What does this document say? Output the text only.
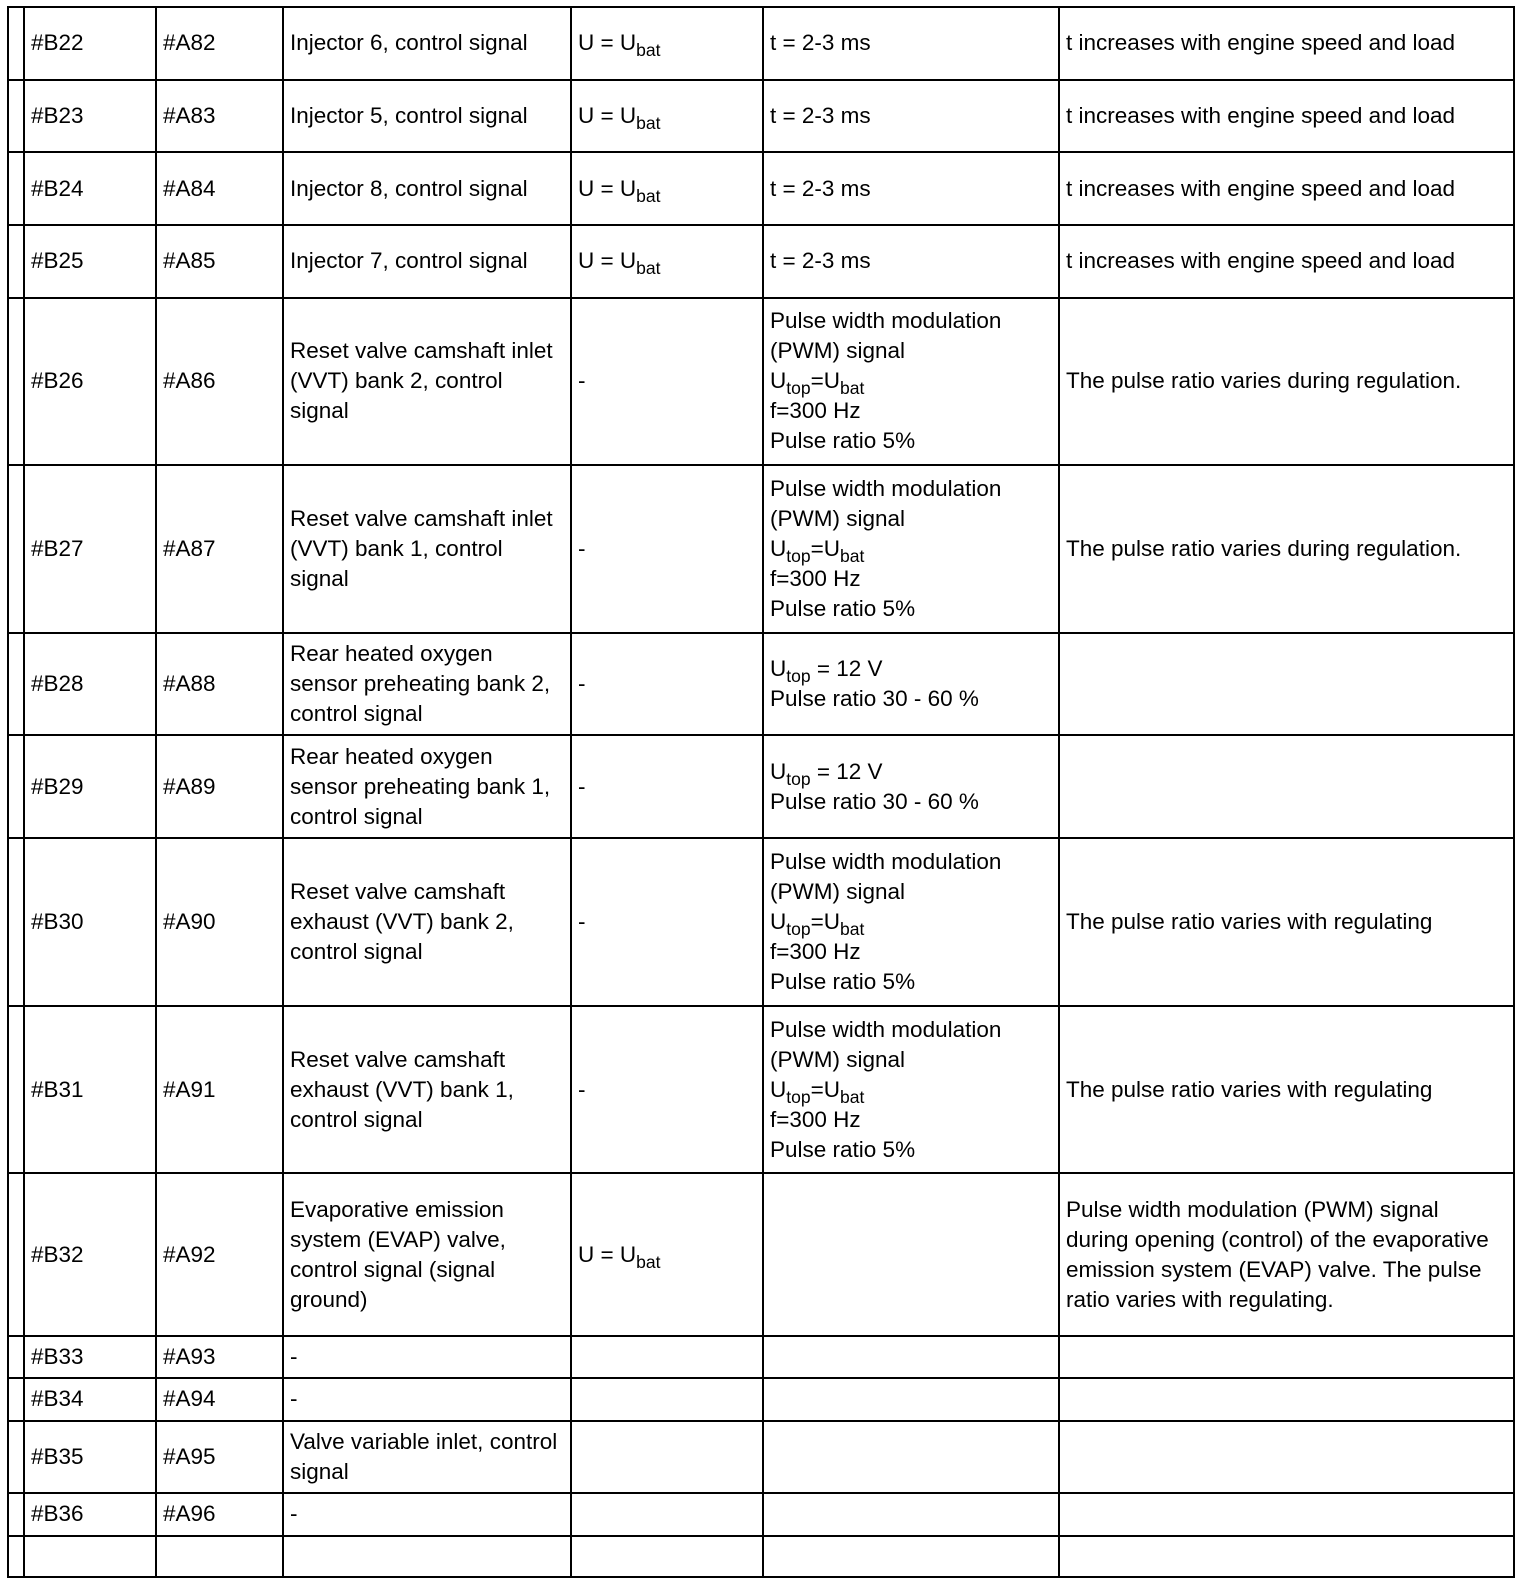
	#B22	#A82	Injector 6, control signal	$U = U_{bat}$	t = 2-3 ms	t increases with engine speed and load
	#B23	#A83	Injector 5, control signal	$U = U_{bat}$	t = 2-3 ms	t increases with engine speed and load
	#B24	#A84	Injector 8, control signal	$U = U_{bat}$	t = 2-3 ms	t increases with engine speed and load
	#B25	#A85	Injector 7, control signal	$U = U_{bat}$	t = 2-3 ms	t increases with engine speed and load
	#B26	#A86	Reset valve camshaft inlet (VVT) bank 2, control signal	-	Pulse width modulation
(PWM) signal
$U_{top}=U_{bat}$
f=300 Hz
Pulse ratio 5%	The pulse ratio varies during regulation.
	#B27	#A87	Reset valve camshaft inlet (VVT) bank 1, control signal	-	Pulse width modulation
(PWM) signal
$U_{top}=U_{bat}$
f=300 Hz
Pulse ratio 5%	The pulse ratio varies during regulation.
	#B28	#A88	Rear heated oxygen sensor preheating bank 2, control signal	-	$U_{top} = 12$ V
Pulse ratio 30 - 60 %	

	#B29	#A89	Rear heated oxygen sensor preheating bank 1, control signal	-	$U_{top} = 12$ V
Pulse ratio 30 - 60 %	

	#B30	#A90	Reset valve camshaft exhaust (VVT) bank 2, control signal	-	Pulse width modulation
(PWM) signal
$U_{top}=U_{bat}$
f=300 Hz
Pulse ratio 5%	The pulse ratio varies with regulating
	#B31	#A91	Reset valve camshaft exhaust (VVT) bank 1, control signal	-	Pulse width modulation
(PWM) signal
$U_{top}=U_{bat}$
f=300 Hz
Pulse ratio 5%	The pulse ratio varies with regulating
	#B32	#A92	Evaporative emission system (EVAP) valve, control signal (signal ground)	$U = U_{bat}$		Pulse width modulation (PWM) signal during opening (control) of the evaporative emission system (EVAP) valve. The pulse ratio varies with regulating.
	#B33	#A93	-			
	#B34	#A94	-			
	#B35	#A95	Valve variable inlet, control signal			
	#B36	#A96	-			
